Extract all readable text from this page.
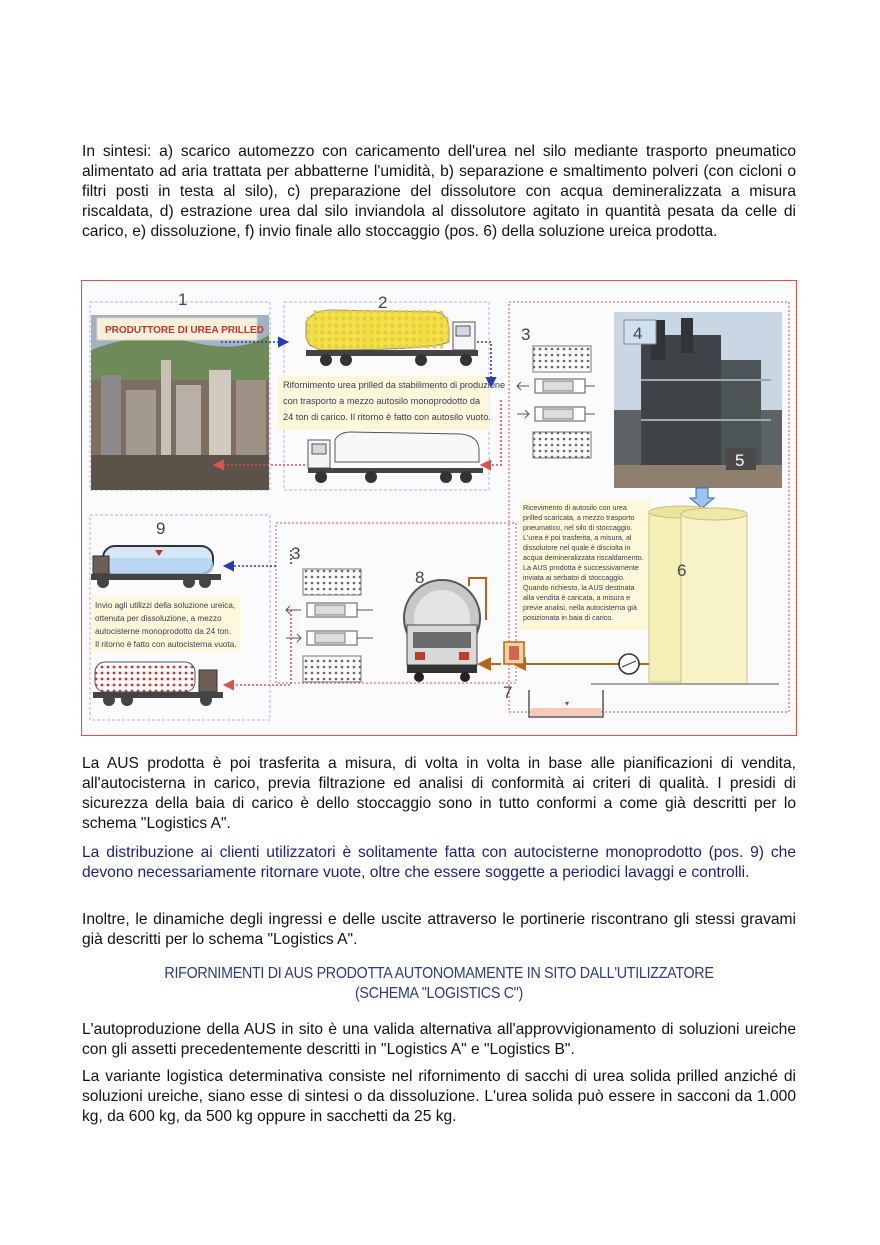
In sintesi: a) scarico automezzo con caricamento dell'urea nel silo mediante trasporto pneumatico alimentato ad aria trattata per abbatterne l'umidità, b) separazione e smaltimento polveri (con cicloni o filtri posti in testa al silo), c) preparazione del dissolutore con acqua demineralizzata a misura riscaldata, d) estrazione urea dal silo inviandola al dissolutore agitato in quantità pesata da celle di carico, e) dissoluzione, f) invio finale allo stoccaggio (pos. 6) della soluzione ureica prodotta.

PRODUTTORE DI UREA PRILLED
Rifornimento urea prilled da stabilimento di produzione
con trasporto a mezzo autosilo monoprodotto da
24 ton di carico. Il ritorno è fatto con autosilo vuoto.
4
5
Ricevimento di autosilo con urea
prilled scaricata, a mezzo trasporto
pneumatico, nel silo di stoccaggio.
L'urea è poi trasferita, a misura, al
dissolutore nel quale è disciolta in
acqua demineralizzata riscaldamento.
La AUS prodotta è successivamente
inviata ai serbatoi di stoccaggio.
Quando richiesto, la AUS destinata
alla vendita è caricata, a misura e
previe analisi, nella autocisterna già
posizionata in baia di carico.
6
8
▾
7
9
Invio agli utilizzi della soluzione ureica,
ottenuta per dissoluzione, a mezzo
autocisterne monoprodotto da 24 ton.
Il ritorno è fatto con autocisterna vuota.
1	2
3
3

La AUS prodotta è poi trasferita a misura, di volta in volta in base alle pianificazioni di vendita, all'autocisterna in carico, previa filtrazione ed analisi di conformità ai criteri di qualità. I presidi di sicurezza della baia di carico è dello stoccaggio sono in tutto conformi a come già descritti per lo schema "Logistics A".

La distribuzione ai clienti utilizzatori è solitamente fatta con autocisterne monoprodotto (pos. 9) che devono necessariamente ritornare vuote, oltre che essere soggette a periodici lavaggi e controlli.

Inoltre, le dinamiche degli ingressi e delle uscite attraverso le portinerie riscontrano gli stessi gravami già descritti per lo schema "Logistics A".

RIFORNIMENTI DI AUS PRODOTTA AUTONOMAMENTE IN SITO DALL'UTILIZZATORE
(SCHEMA "LOGISTICS C")

L'autoproduzione della AUS in sito è una valida alternativa all'approvvigionamento di soluzioni ureiche con gli assetti precedentemente descritti in "Logistics A" e "Logistics B".

La variante logistica determinativa consiste nel rifornimento di sacchi di urea solida prilled anziché di soluzioni ureiche, siano esse di sintesi o da dissoluzione. L'urea solida può essere in sacconi da 1.000 kg, da 600 kg, da 500 kg oppure in sacchetti da 25 kg.
